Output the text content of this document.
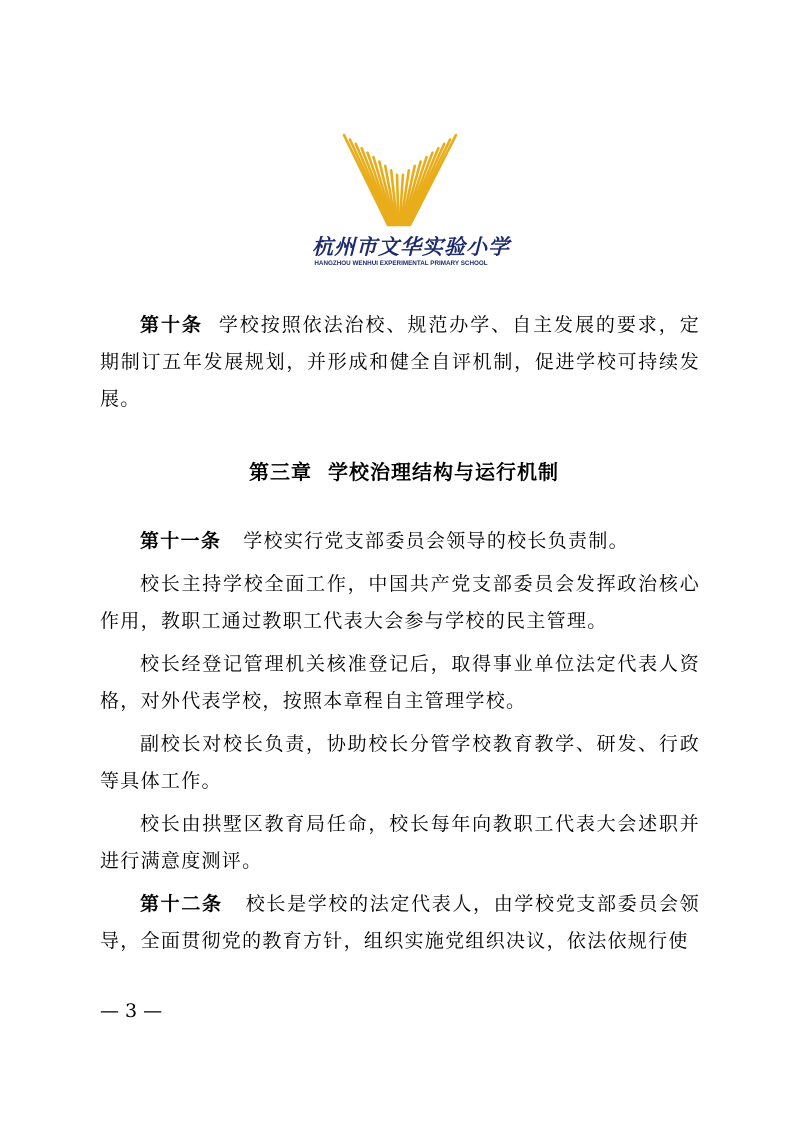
杭州市文华实验小学
HANGZHOU WENHUI EXPERIMENTAL PRIMARY SCHOOL

第十条 学校按照依法治校、规范办学、自主发展的要求，定期制订五年发展规划，并形成和健全自评机制，促进学校可持续发展。

第三章 学校治理结构与运行机制

第十一条 学校实行党支部委员会领导的校长负责制。

校长主持学校全面工作，中国共产党支部委员会发挥政治核心作用，教职工通过教职工代表大会参与学校的民主管理。

校长经登记管理机关核准登记后，取得事业单位法定代表人资格，对外代表学校，按照本章程自主管理学校。

副校长对校长负责，协助校长分管学校教育教学、研发、行政等具体工作。

校长由拱墅区教育局任命，校长每年向教职工代表大会述职并进行满意度测评。

第十二条 校长是学校的法定代表人，由学校党支部委员会领导，全面贯彻党的教育方针，组织实施党组织决议，依法依规行使

— 3 —
